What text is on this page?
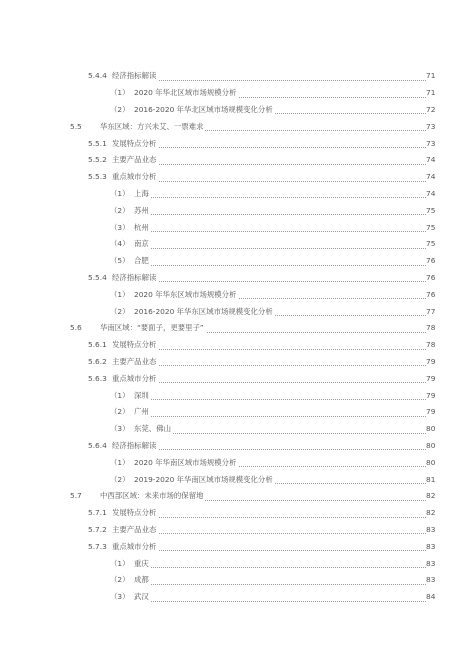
5.4.4 经济指标解读	71
（1） 2020 年华北区域市场规模分析	71
（2） 2016-2020 年华北区域市场规模变化分析	72
5.5	华东区域：方兴未艾、一票难求	73
5.5.1 发展特点分析	73
5.5.2 主要产品业态	74
5.5.3 重点城市分析	74
（1） 上海	74
（2） 苏州	75
（3） 杭州	75
（4） 南京	75
（5） 合肥	76
5.5.4 经济指标解读	76
（1） 2020 年华东区域市场规模分析	76
（2） 2016-2020 年华东区域市场规模变化分析	77
5.6	华南区域：“要面子，更要里子”	78
5.6.1 发展特点分析	78
5.6.2 主要产品业态	79
5.6.3 重点城市分析	79
（1） 深圳	79
（2） 广州	79
（3） 东莞、佛山	80
5.6.4 经济指标解读	80
（1） 2020 年华南区域市场规模分析	80
（2） 2019-2020 年华南区域市场规模变化分析	81
5.7	中西部区域：未来市场的保留地	82
5.7.1 发展特点分析	82
5.7.2 主要产品业态	83
5.7.3 重点城市分析	83
（1） 重庆	83
（2） 成都	83
（3） 武汉	84
